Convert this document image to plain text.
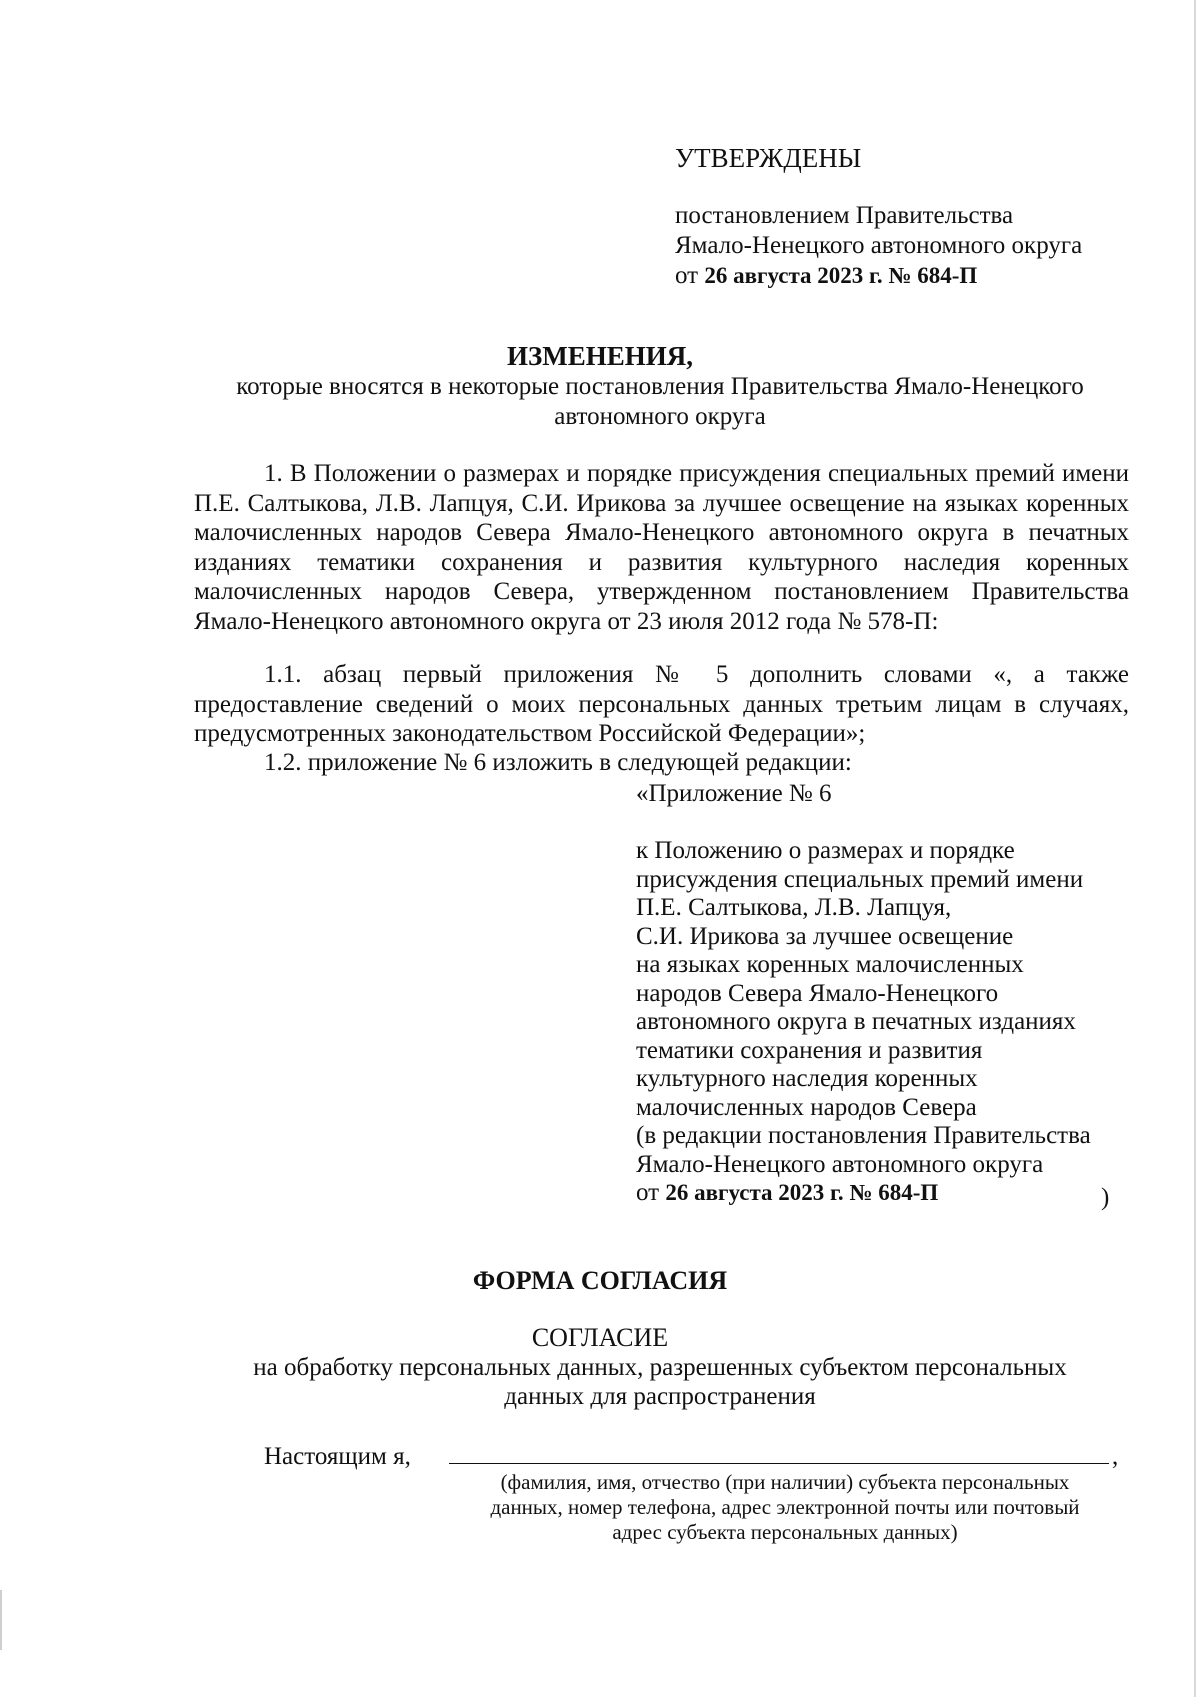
УТВЕРЖДЕНЫ
постановлением Правительства
Ямало-Ненецкого автономного округа
от 26 августа 2023 г. № 684-П
ИЗМЕНЕНИЯ,
которые вносятся в некоторые постановления Правительства Ямало-Ненецкого
автономного округа
1. В Положении о размерах и порядке присуждения специальных премий имени П.Е. Салтыкова, Л.В. Лапцуя, С.И. Ирикова за лучшее освещение на языках коренных малочисленных народов Севера Ямало-Ненецкого автономного округа в печатных изданиях тематики сохранения и развития культурного наследия коренных малочисленных народов Севера, утвержденном постановлением Правительства Ямало-Ненецкого автономного округа от 23 июля 2012 года № 578-П:
1.1. абзац первый приложения № 5 дополнить словами «, а также предоставление сведений о моих персональных данных третьим лицам в случаях, предусмотренных законодательством Российской Федерации»;
1.2. приложение № 6 изложить в следующей редакции:
«Приложение № 6
к Положению о размерах и порядке
присуждения специальных премий имени
П.Е. Салтыкова, Л.В. Лапцуя,
С.И. Ирикова за лучшее освещение
на языках коренных малочисленных
народов Севера Ямало-Ненецкого
автономного округа в печатных изданиях
тематики сохранения и развития
культурного наследия коренных
малочисленных народов Севера
(в редакции постановления Правительства
Ямало-Ненецкого автономного округа
от 26 августа 2023 г. № 684-П	)
ФОРМА СОГЛАСИЯ
СОГЛАСИЕ
на обработку персональных данных, разрешенных субъектом персональных
данных для распространения
Настоящим я,	,
(фамилия, имя, отчество (при наличии) субъекта персональных
данных, номер телефона, адрес электронной почты или почтовый
адрес субъекта персональных данных)
